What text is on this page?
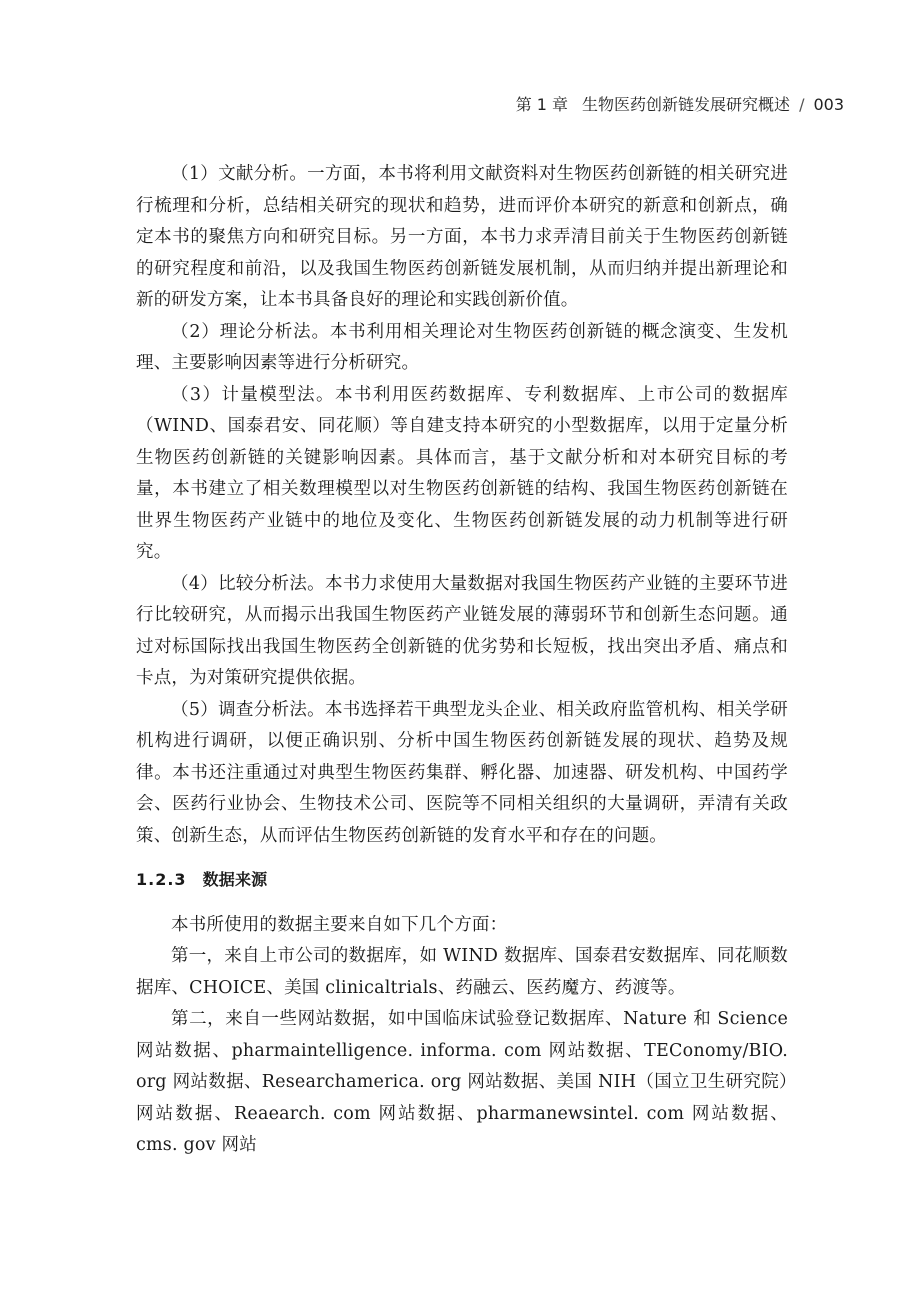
第 1 章 生物医药创新链发展研究概述 / 003

（1）文献分析。一方面，本书将利用文献资料对生物医药创新链的相关研究进行梳理和分析，总结相关研究的现状和趋势，进而评价本研究的新意和创新点，确定本书的聚焦方向和研究目标。另一方面，本书力求弄清目前关于生物医药创新链的研究程度和前沿，以及我国生物医药创新链发展机制，从而归纳并提出新理论和新的研发方案，让本书具备良好的理论和实践创新价值。

（2）理论分析法。本书利用相关理论对生物医药创新链的概念演变、生发机理、主要影响因素等进行分析研究。

（3）计量模型法。本书利用医药数据库、专利数据库、上市公司的数据库（WIND、国泰君安、同花顺）等自建支持本研究的小型数据库，以用于定量分析生物医药创新链的关键影响因素。具体而言，基于文献分析和对本研究目标的考量，本书建立了相关数理模型以对生物医药创新链的结构、我国生物医药创新链在世界生物医药产业链中的地位及变化、生物医药创新链发展的动力机制等进行研究。

（4）比较分析法。本书力求使用大量数据对我国生物医药产业链的主要环节进行比较研究，从而揭示出我国生物医药产业链发展的薄弱环节和创新生态问题。通过对标国际找出我国生物医药全创新链的优劣势和长短板，找出突出矛盾、痛点和卡点，为对策研究提供依据。

（5）调查分析法。本书选择若干典型龙头企业、相关政府监管机构、相关学研机构进行调研，以便正确识别、分析中国生物医药创新链发展的现状、趋势及规律。本书还注重通过对典型生物医药集群、孵化器、加速器、研发机构、中国药学会、医药行业协会、生物技术公司、医院等不同相关组织的大量调研，弄清有关政策、创新生态，从而评估生物医药创新链的发育水平和存在的问题。

1.2.3 数据来源

本书所使用的数据主要来自如下几个方面：

第一，来自上市公司的数据库，如 WIND 数据库、国泰君安数据库、同花顺数据库、CHOICE、美国 clinicaltrials、药融云、医药魔方、药渡等。

第二，来自一些网站数据，如中国临床试验登记数据库、Nature 和 Science 网站数据、pharmaintelligence. informa. com 网站数据、TEConomy/BIO. org 网站数据、Researchamerica. org 网站数据、美国 NIH（国立卫生研究院）网站数据、Reaearch. com 网站数据、pharmanewsintel. com 网站数据、cms. gov 网站
